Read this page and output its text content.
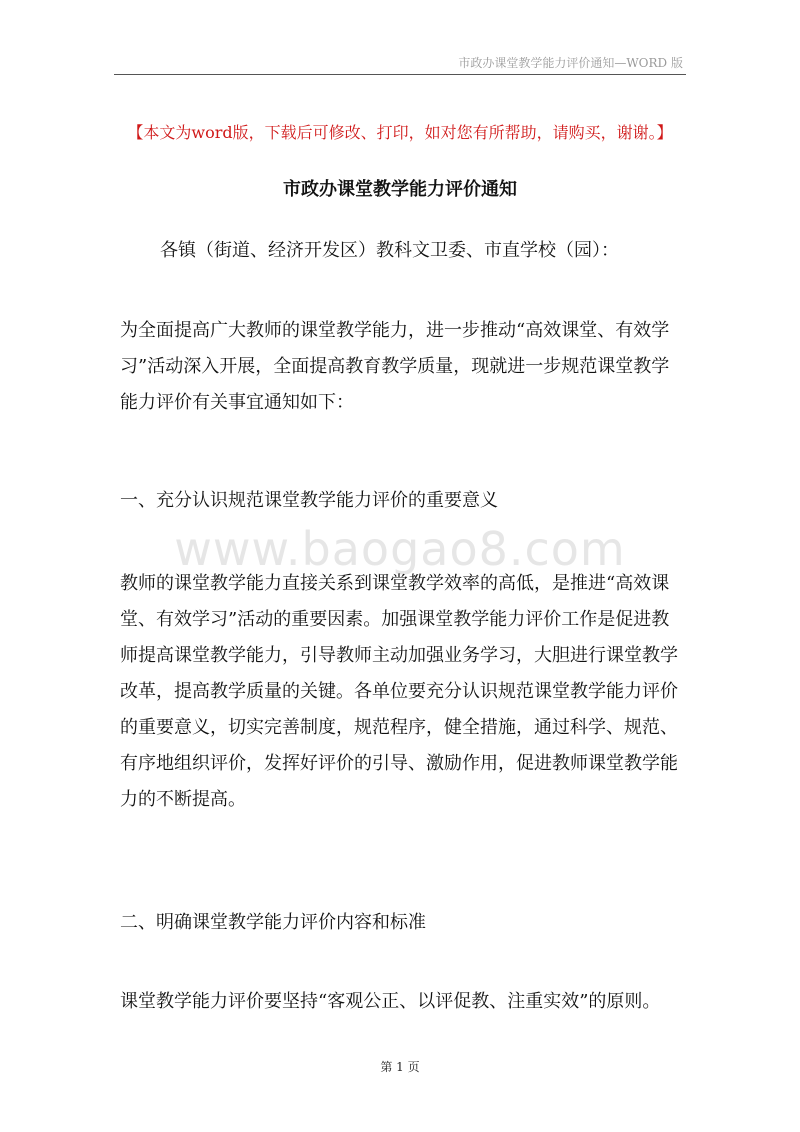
市政办课堂教学能力评价通知—WORD 版
【本文为word版，下载后可修改、打印，如对您有所帮助，请购买，谢谢。】
市政办课堂教学能力评价通知
各镇（街道、经济开发区）教科文卫委、市直学校（园）：

为全面提高广大教师的课堂教学能力，进一步推动“高效课堂、有效学习”活动深入开展，全面提高教育教学质量，现就进一步规范课堂教学能力评价有关事宜通知如下：

一、充分认识规范课堂教学能力评价的重要意义

www.baogao8.com

教师的课堂教学能力直接关系到课堂教学效率的高低，是推进“高效课堂、有效学习”活动的重要因素。加强课堂教学能力评价工作是促进教师提高课堂教学能力，引导教师主动加强业务学习，大胆进行课堂教学改革，提高教学质量的关键。各单位要充分认识规范课堂教学能力评价的重要意义，切实完善制度，规范程序，健全措施，通过科学、规范、有序地组织评价，发挥好评价的引导、激励作用，促进教师课堂教学能力的不断提高。

二、明确课堂教学能力评价内容和标准

课堂教学能力评价要坚持“客观公正、以评促教、注重实效”的原则。

第 1 页
